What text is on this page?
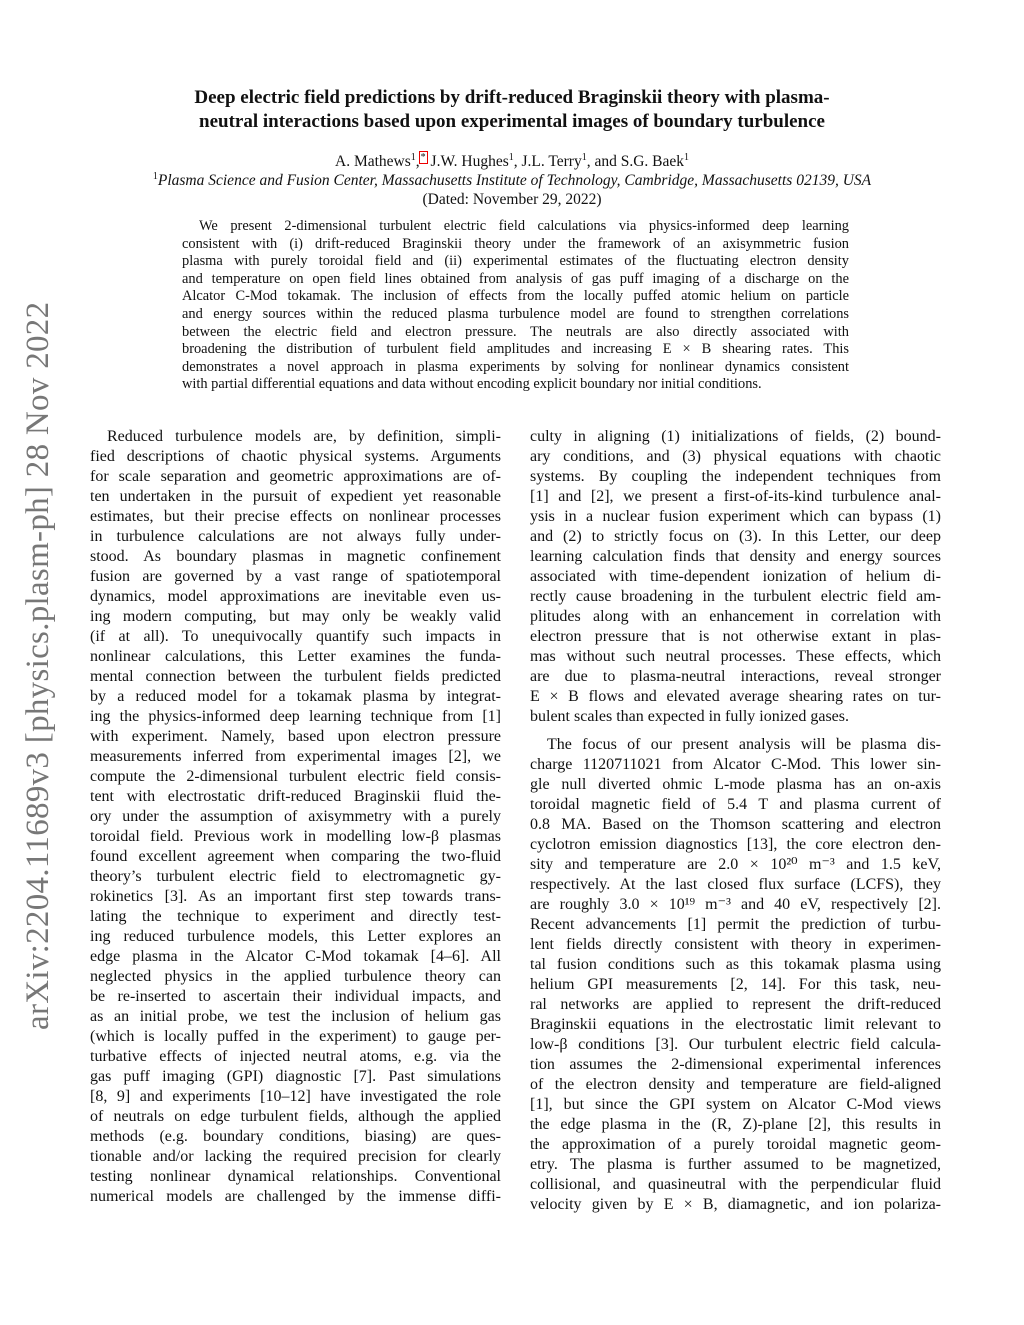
arXiv:2204.11689v3 [physics.plasm-ph] 28 Nov 2022
Deep electric field predictions by drift-reduced Braginskii theory with plasma-
neutral interactions based upon experimental images of boundary turbulence
A. Mathews$^1$,* J.W. Hughes$^1$, J.L. Terry$^1$, and S.G. Baek$^1$
$^1$Plasma Science and Fusion Center, Massachusetts Institute of Technology, Cambridge, Massachusetts 02139, USA
(Dated: November 29, 2022)
We present 2-dimensional turbulent electric field calculations via physics-informed deep learning
consistent with (i) drift-reduced Braginskii theory under the framework of an axisymmetric fusion
plasma with purely toroidal field and (ii) experimental estimates of the fluctuating electron density
and temperature on open field lines obtained from analysis of gas puff imaging of a discharge on the
Alcator C-Mod tokamak. The inclusion of effects from the locally puffed atomic helium on particle
and energy sources within the reduced plasma turbulence model are found to strengthen correlations
between the electric field and electron pressure. The neutrals are also directly associated with
broadening the distribution of turbulent field amplitudes and increasing E × B shearing rates. This
demonstrates a novel approach in plasma experiments by solving for nonlinear dynamics consistent
with partial differential equations and data without encoding explicit boundary nor initial conditions.
Reduced turbulence models are, by definition, simpli-
fied descriptions of chaotic physical systems. Arguments
for scale separation and geometric approximations are of-
ten undertaken in the pursuit of expedient yet reasonable
estimates, but their precise effects on nonlinear processes
in turbulence calculations are not always fully under-
stood. As boundary plasmas in magnetic confinement
fusion are governed by a vast range of spatiotemporal
dynamics, model approximations are inevitable even us-
ing modern computing, but may only be weakly valid
(if at all). To unequivocally quantify such impacts in
nonlinear calculations, this Letter examines the funda-
mental connection between the turbulent fields predicted
by a reduced model for a tokamak plasma by integrat-
ing the physics-informed deep learning technique from [1]
with experiment. Namely, based upon electron pressure
measurements inferred from experimental images [2], we
compute the 2-dimensional turbulent electric field consis-
tent with electrostatic drift-reduced Braginskii fluid the-
ory under the assumption of axisymmetry with a purely
toroidal field. Previous work in modelling low-β plasmas
found excellent agreement when comparing the two-fluid
theory’s turbulent electric field to electromagnetic gy-
rokinetics [3]. As an important first step towards trans-
lating the technique to experiment and directly test-
ing reduced turbulence models, this Letter explores an
edge plasma in the Alcator C-Mod tokamak [4–6]. All
neglected physics in the applied turbulence theory can
be re-inserted to ascertain their individual impacts, and
as an initial probe, we test the inclusion of helium gas
(which is locally puffed in the experiment) to gauge per-
turbative effects of injected neutral atoms, e.g. via the
gas puff imaging (GPI) diagnostic [7]. Past simulations
[8, 9] and experiments [10–12] have investigated the role
of neutrals on edge turbulent fields, although the applied
methods (e.g. boundary conditions, biasing) are ques-
tionable and/or lacking the required precision for clearly
testing nonlinear dynamical relationships. Conventional
numerical models are challenged by the immense diffi-
culty in aligning (1) initializations of fields, (2) bound-
ary conditions, and (3) physical equations with chaotic
systems. By coupling the independent techniques from
[1] and [2], we present a first-of-its-kind turbulence anal-
ysis in a nuclear fusion experiment which can bypass (1)
and (2) to strictly focus on (3). In this Letter, our deep
learning calculation finds that density and energy sources
associated with time-dependent ionization of helium di-
rectly cause broadening in the turbulent electric field am-
plitudes along with an enhancement in correlation with
electron pressure that is not otherwise extant in plas-
mas without such neutral processes. These effects, which
are due to plasma-neutral interactions, reveal stronger
E × B flows and elevated average shearing rates on tur-
bulent scales than expected in fully ionized gases.
The focus of our present analysis will be plasma dis-
charge 1120711021 from Alcator C-Mod. This lower sin-
gle null diverted ohmic L-mode plasma has an on-axis
toroidal magnetic field of 5.4 T and plasma current of
0.8 MA. Based on the Thomson scattering and electron
cyclotron emission diagnostics [13], the core electron den-
sity and temperature are 2.0 × 10²⁰ m⁻³ and 1.5 keV,
respectively. At the last closed flux surface (LCFS), they
are roughly 3.0 × 10¹⁹ m⁻³ and 40 eV, respectively [2].
Recent advancements [1] permit the prediction of turbu-
lent fields directly consistent with theory in experimen-
tal fusion conditions such as this tokamak plasma using
helium GPI measurements [2, 14]. For this task, neu-
ral networks are applied to represent the drift-reduced
Braginskii equations in the electrostatic limit relevant to
low-β conditions [3]. Our turbulent electric field calcula-
tion assumes the 2-dimensional experimental inferences
of the electron density and temperature are field-aligned
[1], but since the GPI system on Alcator C-Mod views
the edge plasma in the (R, Z)-plane [2], this results in
the approximation of a purely toroidal magnetic geom-
etry. The plasma is further assumed to be magnetized,
collisional, and quasineutral with the perpendicular fluid
velocity given by E × B, diamagnetic, and ion polariza-
